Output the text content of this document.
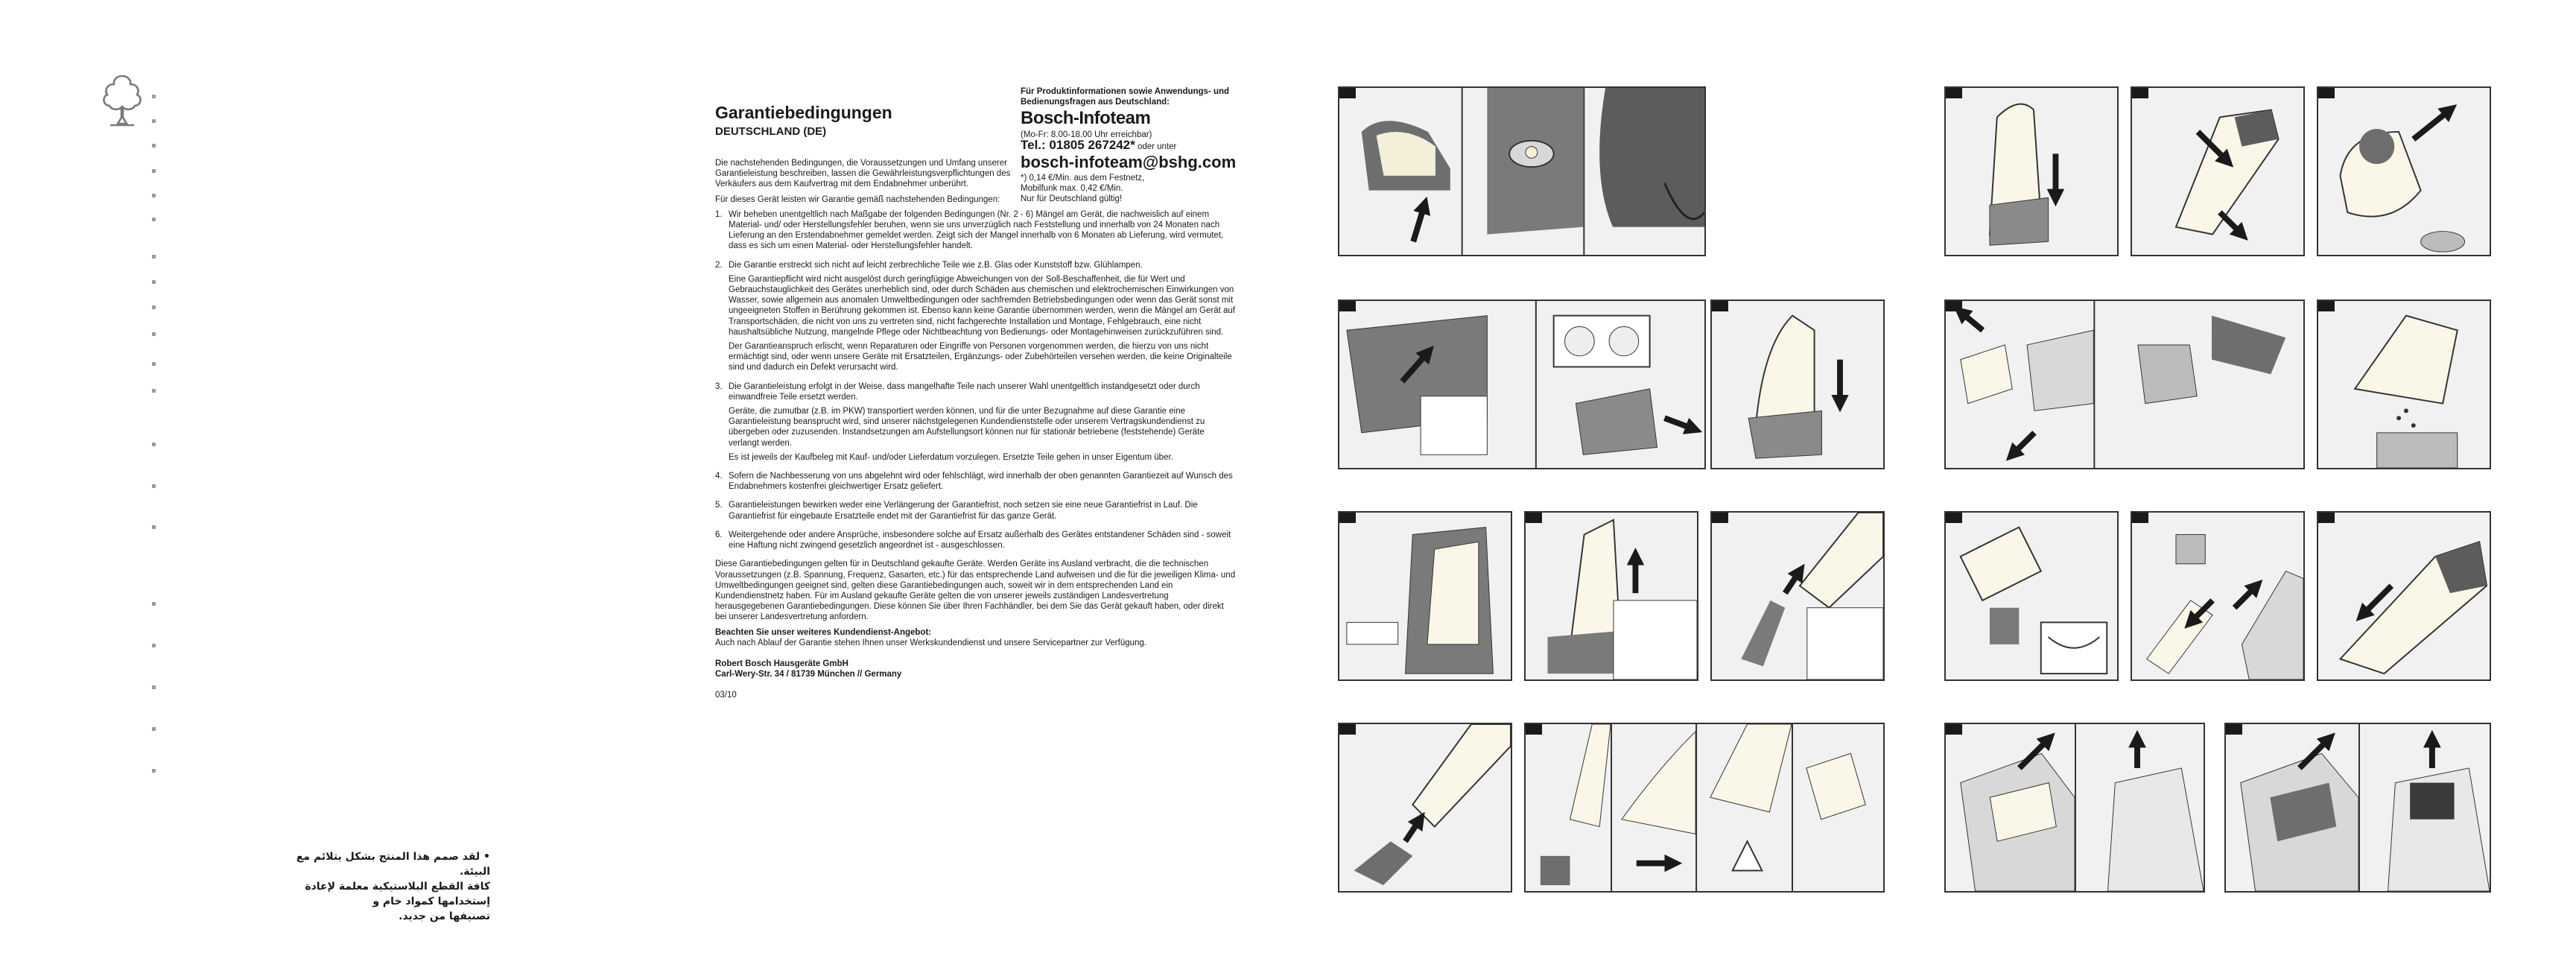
• لقد صمم هذا المنتج بشكل يتلائم مع البيئة.
كافة القطع البلاستيكية معلمة لإعادة إستخدامها كمواد خام و
تصنيفها من جديد.
Garantiebedingungen
DEUTSCHLAND (DE)

Die nachstehenden Bedingungen, die Voraussetzungen und Umfang unserer Garantieleistung beschreiben, lassen die Gewährleistungsverpflichtungen des Verkäufers aus dem Kaufvertrag mit dem Endabnehmer unberührt.

Für dieses Gerät leisten wir Garantie gemäß nachstehenden Bedingungen:

1. Wir beheben unentgeltlich nach Maßgabe der folgenden Bedingungen (Nr. 2 - 6) Mängel am Gerät, die nachweislich auf einem Material- und/ oder Herstellungsfehler beruhen, wenn sie uns unverzüglich nach Feststellung und innerhalb von 24 Monaten nach Lieferung an den Erstendabnehmer gemeldet werden. Zeigt sich der Mangel innerhalb von 6 Monaten ab Lieferung, wird vermutet, dass es sich um einen Material- oder Herstellungsfehler handelt.

2. Die Garantie erstreckt sich nicht auf leicht zerbrechliche Teile wie z.B. Glas oder Kunststoff bzw. Glühlampen.

Eine Garantiepflicht wird nicht ausgelöst durch geringfügige Abweichungen von der Soll-Beschaffenheit, die für Wert und Gebrauchstauglichkeit des Gerätes unerheblich sind, oder durch Schäden aus chemischen und elektrochemischen Einwirkungen von Wasser, sowie allgemein aus anomalen Umweltbedingungen oder sachfremden Betriebsbedingungen oder wenn das Gerät sonst mit ungeeigneten Stoffen in Berührung gekommen ist. Ebenso kann keine Garantie übernommen werden, wenn die Mängel am Gerät auf Transportschäden, die nicht von uns zu vertreten sind, nicht fachgerechte Installation und Montage, Fehlgebrauch, eine nicht haushaltsübliche Nutzung, mangelnde Pflege oder Nichtbeachtung von Bedienungs- oder Montagehinweisen zurückzuführen sind.

Der Garantieanspruch erlischt, wenn Reparaturen oder Eingriffe von Personen vorgenommen werden, die hierzu von uns nicht ermächtigt sind, oder wenn unsere Geräte mit Ersatzteilen, Ergänzungs- oder Zubehörteilen versehen werden, die keine Originalteile sind und dadurch ein Defekt verursacht wird.

3. Die Garantieleistung erfolgt in der Weise, dass mangelhafte Teile nach unserer Wahl unentgeltlich instandgesetzt oder durch einwandfreie Teile ersetzt werden.

Geräte, die zumutbar (z.B. im PKW) transportiert werden können, und für die unter Bezugnahme auf diese Garantie eine Garantieleistung beansprucht wird, sind unserer nächstgelegenen Kundendienststelle oder unserem Vertragskundendienst zu übergeben oder zuzusenden. Instandsetzungen am Aufstellungsort können nur für stationär betriebene (feststehende) Geräte verlangt werden.

Es ist jeweils der Kaufbeleg mit Kauf- und/oder Lieferdatum vorzulegen. Ersetzte Teile gehen in unser Eigentum über.

4. Sofern die Nachbesserung von uns abgelehnt wird oder fehlschlägt, wird innerhalb der oben genannten Garantiezeit auf Wunsch des Endabnehmers kostenfrei gleichwertiger Ersatz geliefert.

5. Garantieleistungen bewirken weder eine Verlängerung der Garantiefrist, noch setzen sie eine neue Garantiefrist in Lauf. Die Garantiefrist für eingebaute Ersatzteile endet mit der Garantiefrist für das ganze Gerät.

6. Weitergehende oder andere Ansprüche, insbesondere solche auf Ersatz außerhalb des Gerätes entstandener Schäden sind - soweit eine Haftung nicht zwingend gesetzlich angeordnet ist - ausgeschlossen.

Diese Garantiebedingungen gelten für in Deutschland gekaufte Geräte. Werden Geräte ins Ausland verbracht, die die technischen Voraussetzungen (z.B. Spannung, Frequenz, Gasarten, etc.) für das entsprechende Land aufweisen und die für die jeweiligen Klima- und Umweltbedingungen geeignet sind, gelten diese Garantiebedingungen auch, soweit wir in dem entsprechenden Land ein Kundendienstnetz haben. Für im Ausland gekaufte Geräte gelten die von unserer jeweils zuständigen Landesvertretung herausgegebenen Garantiebedingungen. Diese können Sie über Ihren Fachhändler, bei dem Sie das Gerät gekauft haben, oder direkt bei unserer Landesvertretung anfordern.

Beachten Sie unser weiteres Kundendienst-Angebot:

Auch nach Ablauf der Garantie stehen Ihnen unser Werkskundendienst und unsere Servicepartner zur Verfügung.

Robert Bosch Hausgeräte GmbH

Carl-Wery-Str. 34 / 81739 München // Germany

03/10

Für Produktinformationen sowie Anwendungs- und Bedienungsfragen aus Deutschland:
Bosch-Infoteam
(Mo-Fr: 8.00-18.00 Uhr erreichbar)
Tel.: 01805 267242* oder unter
bosch-infoteam@bshg.com
*) 0,14 €/Min. aus dem Festnetz,
Mobilfunk max. 0,42 €/Min.
Nur für Deutschland gültig!
